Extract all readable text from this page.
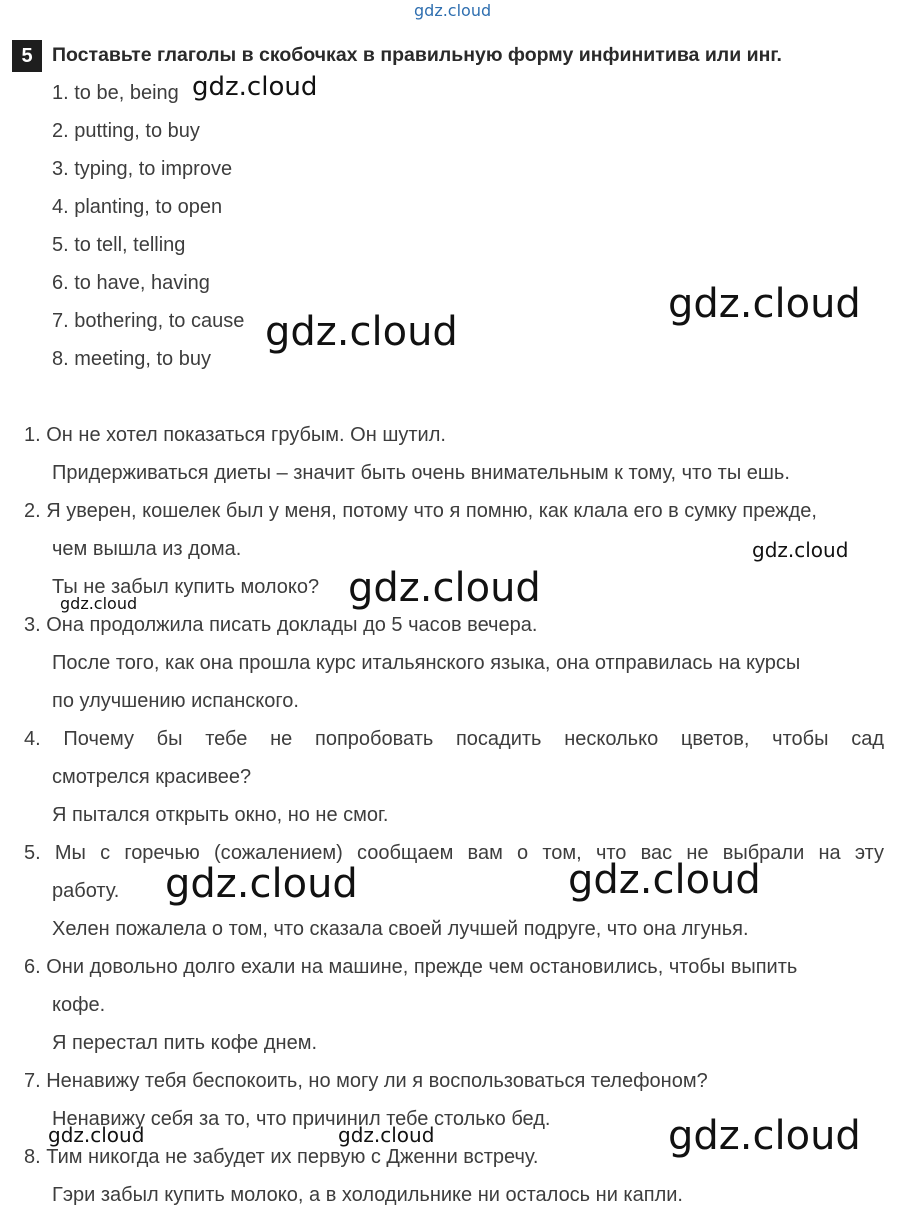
gdz.cloud
5 Поставьте глаголы в скобочках в правильную форму инфинитива или инг.
1. to be, being
2. putting, to buy
3. typing, to improve
4. planting, to open
5. to tell, telling
6. to have, having
7. bothering, to cause
8. meeting, to buy
1. Он не хотел показаться грубым. Он шутил.
Придерживаться диеты – значит быть очень внимательным к тому, что ты ешь.
2. Я уверен, кошелек был у меня, потому что я помню, как клала его в сумку прежде,
чем вышла из дома.
Ты не забыл купить молоко?
3. Она продолжила писать доклады до 5 часов вечера.
После того, как она прошла курс итальянского языка, она отправилась на курсы
по улучшению испанского.
4. Почему бы тебе не попробовать посадить несколько цветов, чтобы сад
смотрелся красивее?
Я пытался открыть окно, но не смог.
5. Мы с горечью (сожалением) сообщаем вам о том, что вас не выбрали на эту
работу.
Хелен пожалела о том, что сказала своей лучшей подруге, что она лгунья.
6. Они довольно долго ехали на машине, прежде чем остановились, чтобы выпить
кофе.
Я перестал пить кофе днем.
7. Ненавижу тебя беспокоить, но могу ли я воспользоваться телефоном?
Ненавижу себя за то, что причинил тебе столько бед.
8. Тим никогда не забудет их первую с Дженни встречу.
Гэри забыл купить молоко, а в холодильнике ни осталось ни капли.
gdz.cloud
gdz.cloud
gdz.cloud
gdz.cloud
gdz.cloud
gdz.cloud
gdz.cloud	gdz.cloud
gdz.cloud	gdz.cloud	gdz.cloud
